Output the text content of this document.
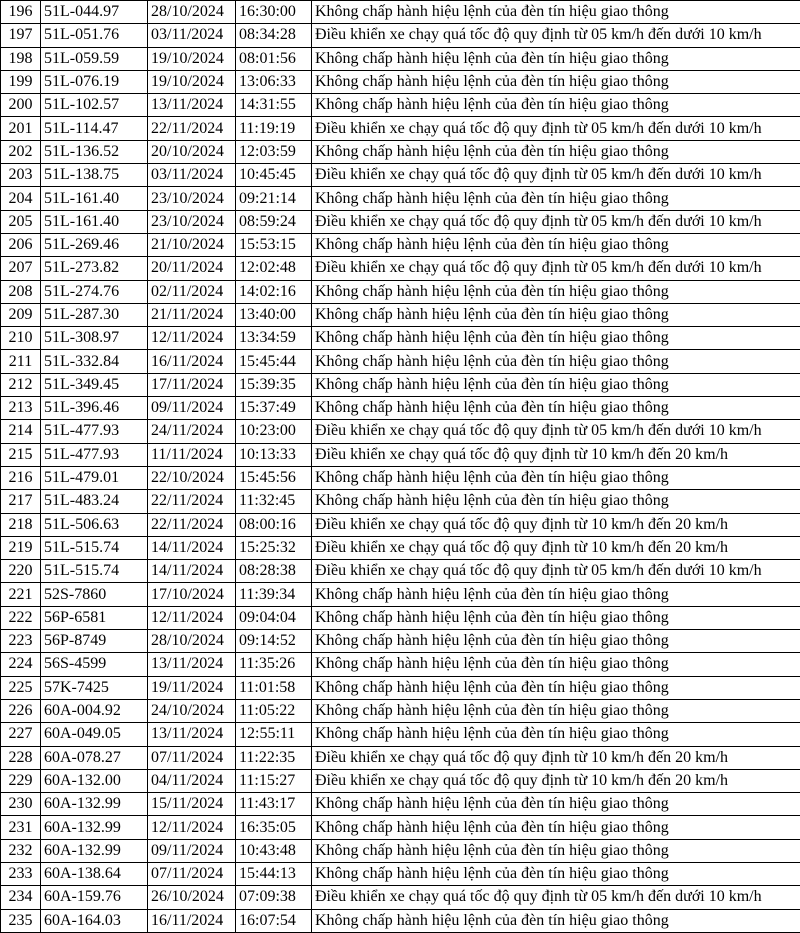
196	51L-044.97	28/10/2024	16:30:00	Không chấp hành hiệu lệnh của đèn tín hiệu giao thông
197	51L-051.76	03/11/2024	08:34:28	Điều khiển xe chạy quá tốc độ quy định từ 05 km/h đến dưới 10 km/h
198	51L-059.59	19/10/2024	08:01:56	Không chấp hành hiệu lệnh của đèn tín hiệu giao thông
199	51L-076.19	19/10/2024	13:06:33	Không chấp hành hiệu lệnh của đèn tín hiệu giao thông
200	51L-102.57	13/11/2024	14:31:55	Không chấp hành hiệu lệnh của đèn tín hiệu giao thông
201	51L-114.47	22/11/2024	11:19:19	Điều khiển xe chạy quá tốc độ quy định từ 05 km/h đến dưới 10 km/h
202	51L-136.52	20/10/2024	12:03:59	Không chấp hành hiệu lệnh của đèn tín hiệu giao thông
203	51L-138.75	03/11/2024	10:45:45	Điều khiển xe chạy quá tốc độ quy định từ 05 km/h đến dưới 10 km/h
204	51L-161.40	23/10/2024	09:21:14	Không chấp hành hiệu lệnh của đèn tín hiệu giao thông
205	51L-161.40	23/10/2024	08:59:24	Điều khiển xe chạy quá tốc độ quy định từ 05 km/h đến dưới 10 km/h
206	51L-269.46	21/10/2024	15:53:15	Không chấp hành hiệu lệnh của đèn tín hiệu giao thông
207	51L-273.82	20/11/2024	12:02:48	Điều khiển xe chạy quá tốc độ quy định từ 05 km/h đến dưới 10 km/h
208	51L-274.76	02/11/2024	14:02:16	Không chấp hành hiệu lệnh của đèn tín hiệu giao thông
209	51L-287.30	21/11/2024	13:40:00	Không chấp hành hiệu lệnh của đèn tín hiệu giao thông
210	51L-308.97	12/11/2024	13:34:59	Không chấp hành hiệu lệnh của đèn tín hiệu giao thông
211	51L-332.84	16/11/2024	15:45:44	Không chấp hành hiệu lệnh của đèn tín hiệu giao thông
212	51L-349.45	17/11/2024	15:39:35	Không chấp hành hiệu lệnh của đèn tín hiệu giao thông
213	51L-396.46	09/11/2024	15:37:49	Không chấp hành hiệu lệnh của đèn tín hiệu giao thông
214	51L-477.93	24/11/2024	10:23:00	Điều khiển xe chạy quá tốc độ quy định từ 05 km/h đến dưới 10 km/h
215	51L-477.93	11/11/2024	10:13:33	Điều khiển xe chạy quá tốc độ quy định từ 10 km/h đến 20 km/h
216	51L-479.01	22/10/2024	15:45:56	Không chấp hành hiệu lệnh của đèn tín hiệu giao thông
217	51L-483.24	22/11/2024	11:32:45	Không chấp hành hiệu lệnh của đèn tín hiệu giao thông
218	51L-506.63	22/11/2024	08:00:16	Điều khiển xe chạy quá tốc độ quy định từ 10 km/h đến 20 km/h
219	51L-515.74	14/11/2024	15:25:32	Điều khiển xe chạy quá tốc độ quy định từ 10 km/h đến 20 km/h
220	51L-515.74	14/11/2024	08:28:38	Điều khiển xe chạy quá tốc độ quy định từ 05 km/h đến dưới 10 km/h
221	52S-7860	17/10/2024	11:39:34	Không chấp hành hiệu lệnh của đèn tín hiệu giao thông
222	56P-6581	12/11/2024	09:04:04	Không chấp hành hiệu lệnh của đèn tín hiệu giao thông
223	56P-8749	28/10/2024	09:14:52	Không chấp hành hiệu lệnh của đèn tín hiệu giao thông
224	56S-4599	13/11/2024	11:35:26	Không chấp hành hiệu lệnh của đèn tín hiệu giao thông
225	57K-7425	19/11/2024	11:01:58	Không chấp hành hiệu lệnh của đèn tín hiệu giao thông
226	60A-004.92	24/10/2024	11:05:22	Không chấp hành hiệu lệnh của đèn tín hiệu giao thông
227	60A-049.05	13/11/2024	12:55:11	Không chấp hành hiệu lệnh của đèn tín hiệu giao thông
228	60A-078.27	07/11/2024	11:22:35	Điều khiển xe chạy quá tốc độ quy định từ 10 km/h đến 20 km/h
229	60A-132.00	04/11/2024	11:15:27	Điều khiển xe chạy quá tốc độ quy định từ 10 km/h đến 20 km/h
230	60A-132.99	15/11/2024	11:43:17	Không chấp hành hiệu lệnh của đèn tín hiệu giao thông
231	60A-132.99	12/11/2024	16:35:05	Không chấp hành hiệu lệnh của đèn tín hiệu giao thông
232	60A-132.99	09/11/2024	10:43:48	Không chấp hành hiệu lệnh của đèn tín hiệu giao thông
233	60A-138.64	07/11/2024	15:44:13	Không chấp hành hiệu lệnh của đèn tín hiệu giao thông
234	60A-159.76	26/10/2024	07:09:38	Điều khiển xe chạy quá tốc độ quy định từ 05 km/h đến dưới 10 km/h
235	60A-164.03	16/11/2024	16:07:54	Không chấp hành hiệu lệnh của đèn tín hiệu giao thông
